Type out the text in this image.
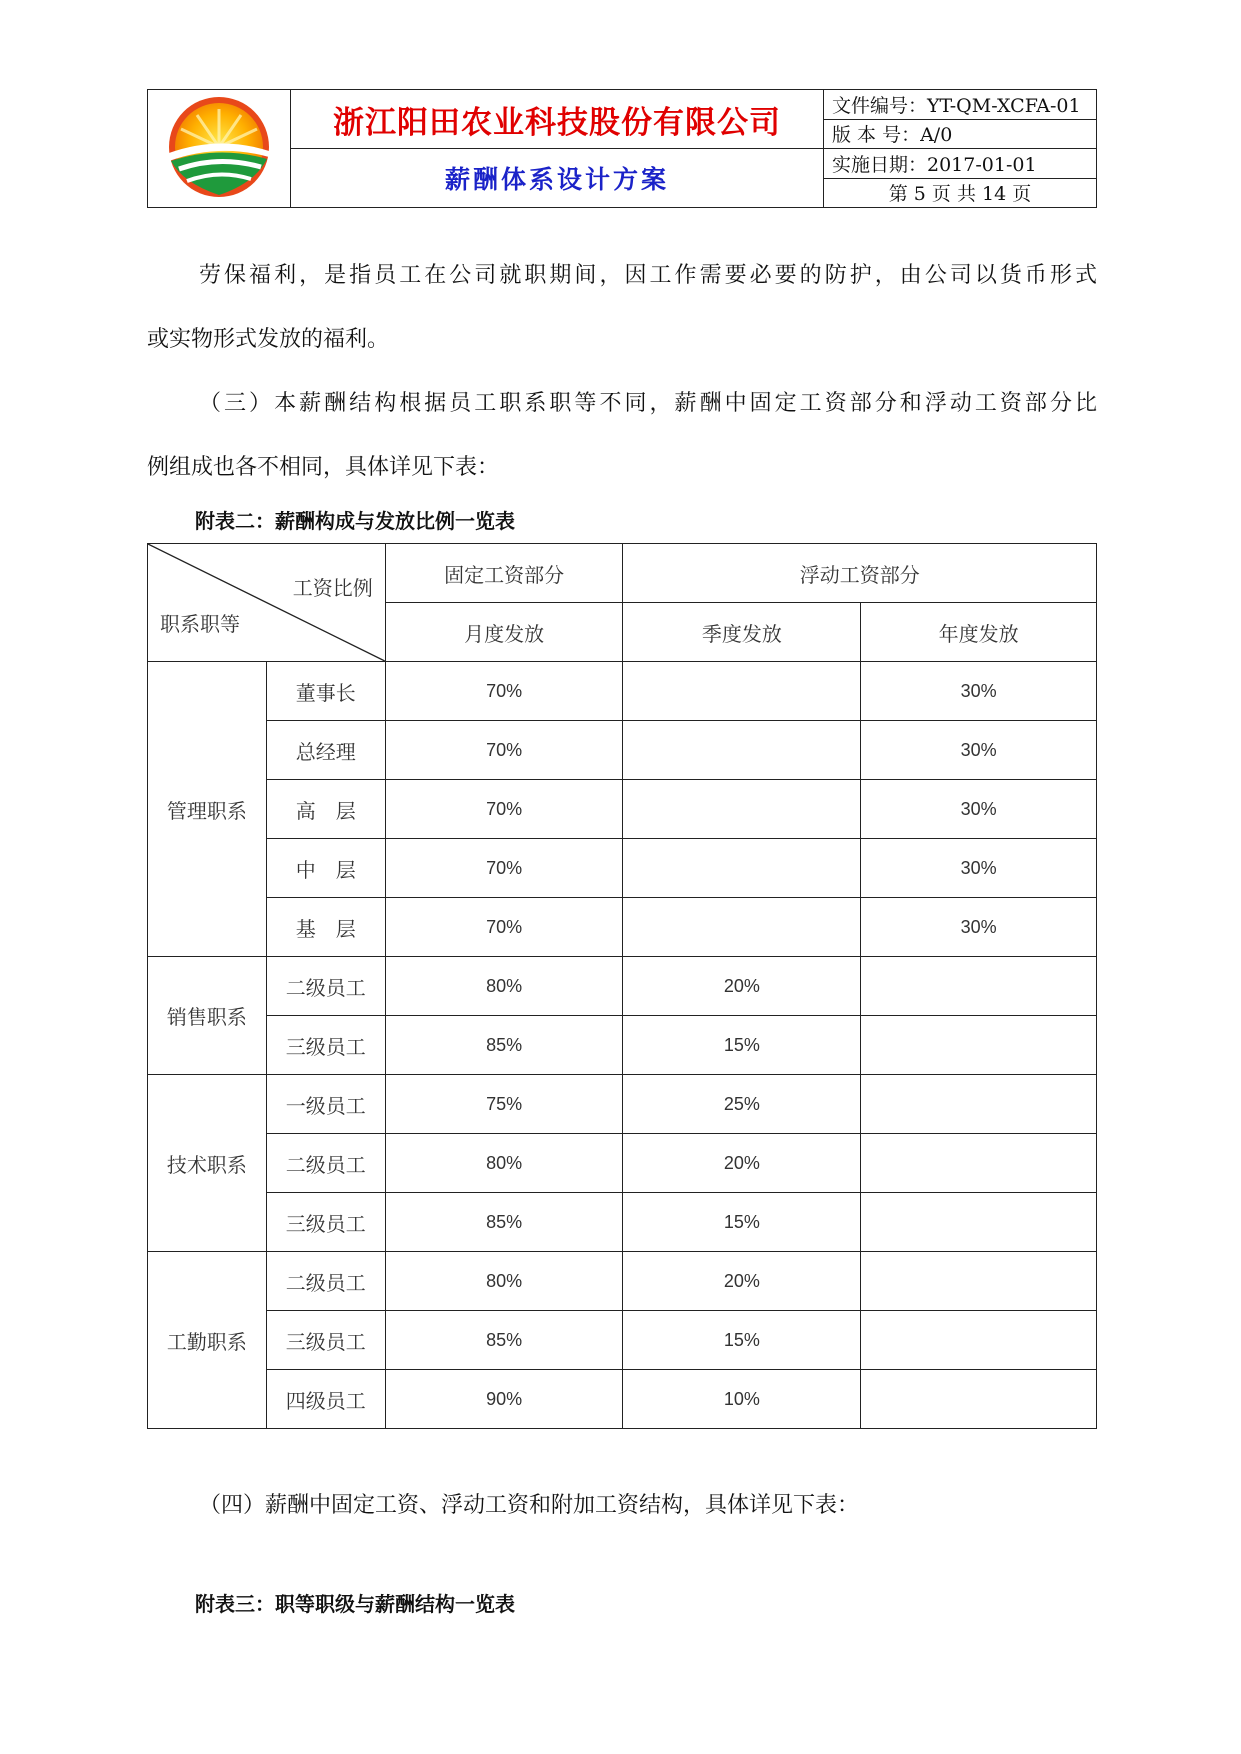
	浙江阳田农业科技股份有限公司	文件编号：YT-QM-XCFA-01
		版 本 号：A/0
	薪酬体系设计方案	实施日期：2017-01-01
		第 5 页 共 14 页
劳保福利，是指员工在公司就职期间，因工作需要必要的防护，由公司以货币形式
或实物形式发放的福利。
（三）本薪酬结构根据员工职系职等不同，薪酬中固定工资部分和浮动工资部分比
例组成也各不相同，具体详见下表：
附表二：薪酬构成与发放比例一览表
工资比例
职系职等		固定工资部分	浮动工资部分	
		月度发放	季度发放	年度发放
管理职系	董事长	70%		30%
	总经理	70%		30%
	高　层	70%		30%
	中　层	70%		30%
	基　层	70%		30%
销售职系	二级员工	80%	20%	
	三级员工	85%	15%	
技术职系	一级员工	75%	25%	
	二级员工	80%	20%	
	三级员工	85%	15%	
工勤职系	二级员工	80%	20%	
	三级员工	85%	15%	
	四级员工	90%	10%	
（四）薪酬中固定工资、浮动工资和附加工资结构，具体详见下表：
附表三：职等职级与薪酬结构一览表
